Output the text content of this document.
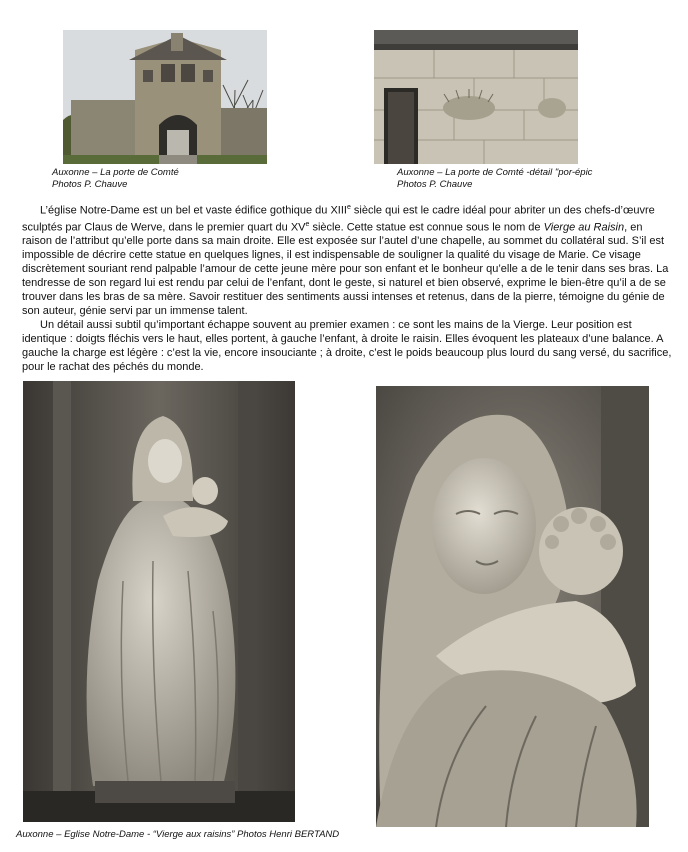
Auxonne – La porte de Comté
Photos P. Chauve
Auxonne – La porte de Comté -détail "por-épic
Photos P. Chauve

L’église Notre-Dame est un bel et vaste édifice gothique du XIIIe siècle qui est le cadre idéal pour abriter un des chefs-d’œuvre sculptés par Claus de Werve, dans le premier quart du XVe siècle. Cette statue est connue sous le nom de Vierge au Raisin, en raison de l’attribut qu’elle porte dans sa main droite. Elle est exposée sur l’autel d’une chapelle, au sommet du collatéral sud. S’il est impossible de décrire cette statue en quelques lignes, il est indispensable de souligner la qualité du visage de Marie. Ce visage discrètement souriant rend palpable l’amour de cette jeune mère pour son enfant et le bonheur qu’elle a de le tenir dans ses bras. La tendresse de son regard lui est rendu par celui de l’enfant, dont le geste, si naturel et bien observé, exprime le bien-être qu’il a de se trouver dans les bras de sa mère. Savoir restituer des sentiments aussi intenses et retenus, dans de la pierre, témoigne du génie de son auteur, génie servi par un immense talent.

Un détail aussi subtil qu’important échappe souvent au premier examen : ce sont les mains de la Vierge. Leur position est identique : doigts fléchis vers le haut, elles portent, à gauche l’enfant, à droite le raisin. Elles évoquent les plateaux d’une balance. A gauche la charge est légère : c’est la vie, encore insouciante ; à droite, c’est le poids beaucoup plus lourd du sang versé, du sacrifice, pour le rachat des péchés du monde.

Auxonne – Eglise Notre-Dame - “Vierge aux raisins” Photos Henri BERTAND
